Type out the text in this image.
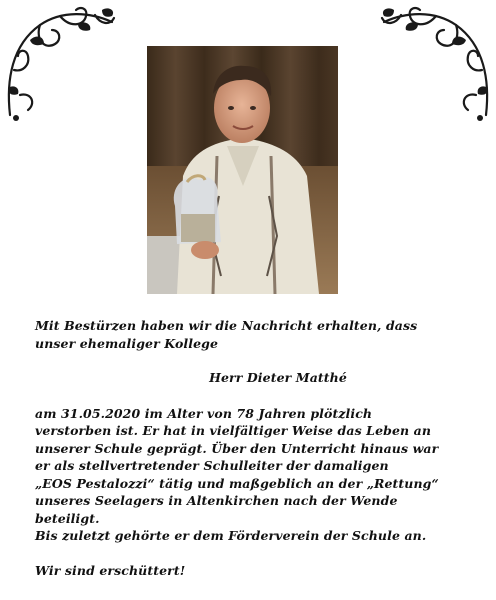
Mit Bestürzen haben wir die Nachricht erhalten, dass
unser ehemaliger Kollege

Herr Dieter Matthé

am 31.05.2020 im Alter von 78 Jahren plötzlich
verstorben ist. Er hat in vielfältiger Weise das Leben an
unserer Schule geprägt. Über den Unterricht hinaus war
er als stellvertretender Schulleiter der damaligen
„EOS Pestalozzi“ tätig und maßgeblich an der „Rettung“
unseres Seelagers in Altenkirchen nach der Wende
beteiligt.
Bis zuletzt gehörte er dem Förderverein der Schule an.

Wir sind erschüttert!
